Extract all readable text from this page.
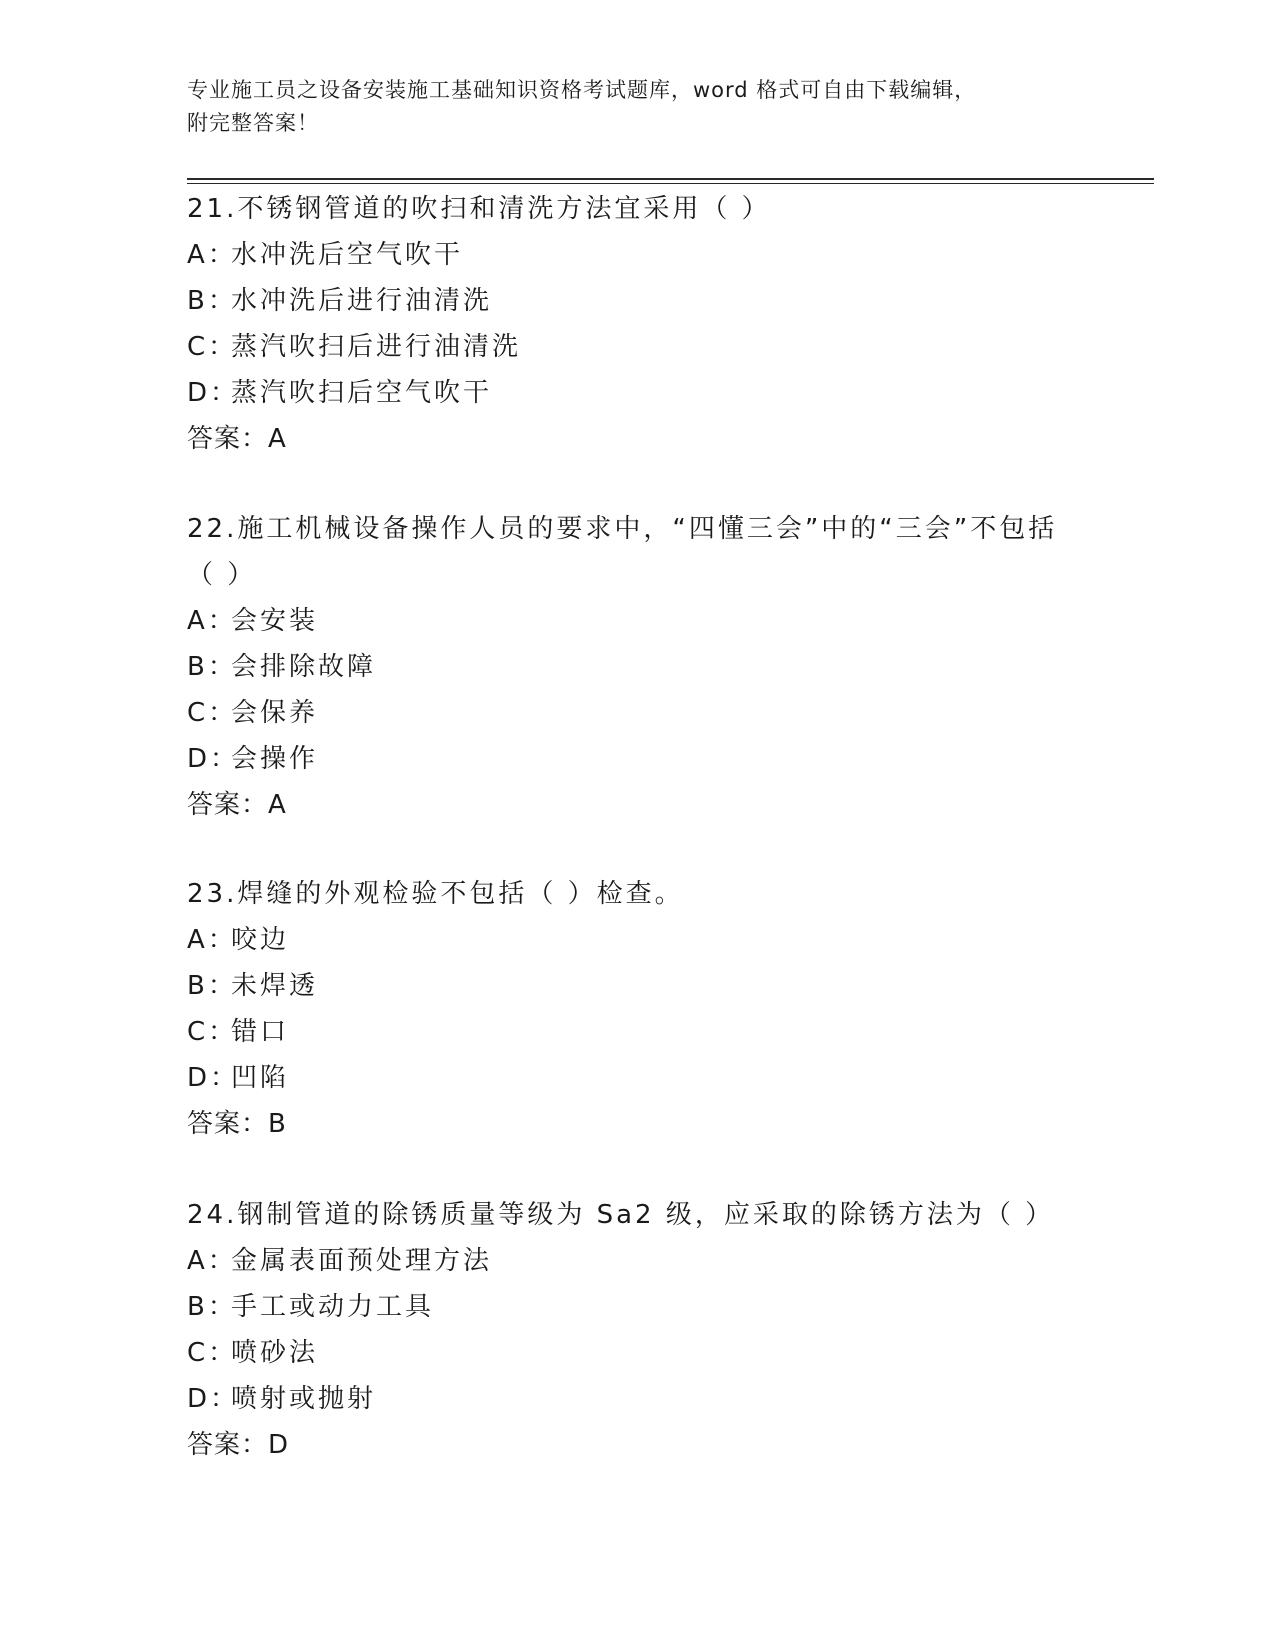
专业施工员之设备安装施工基础知识资格考试题库，word 格式可自由下载编辑，
附完整答案！
21.不锈钢管道的吹扫和清洗方法宜采用（ ）
A：水冲洗后空气吹干
B：水冲洗后进行油清洗
C：蒸汽吹扫后进行油清洗
D：蒸汽吹扫后空气吹干
答案：A
22.施工机械设备操作人员的要求中，“四懂三会”中的“三会”不包括（ ）
A：会安装
B：会排除故障
C：会保养
D：会操作
答案：A
23.焊缝的外观检验不包括（ ）检查。
A：咬边
B：未焊透
C：错口
D：凹陷
答案：B
24.钢制管道的除锈质量等级为 Sa2 级，应采取的除锈方法为（ ）
A：金属表面预处理方法
B：手工或动力工具
C：喷砂法
D：喷射或抛射
答案：D
